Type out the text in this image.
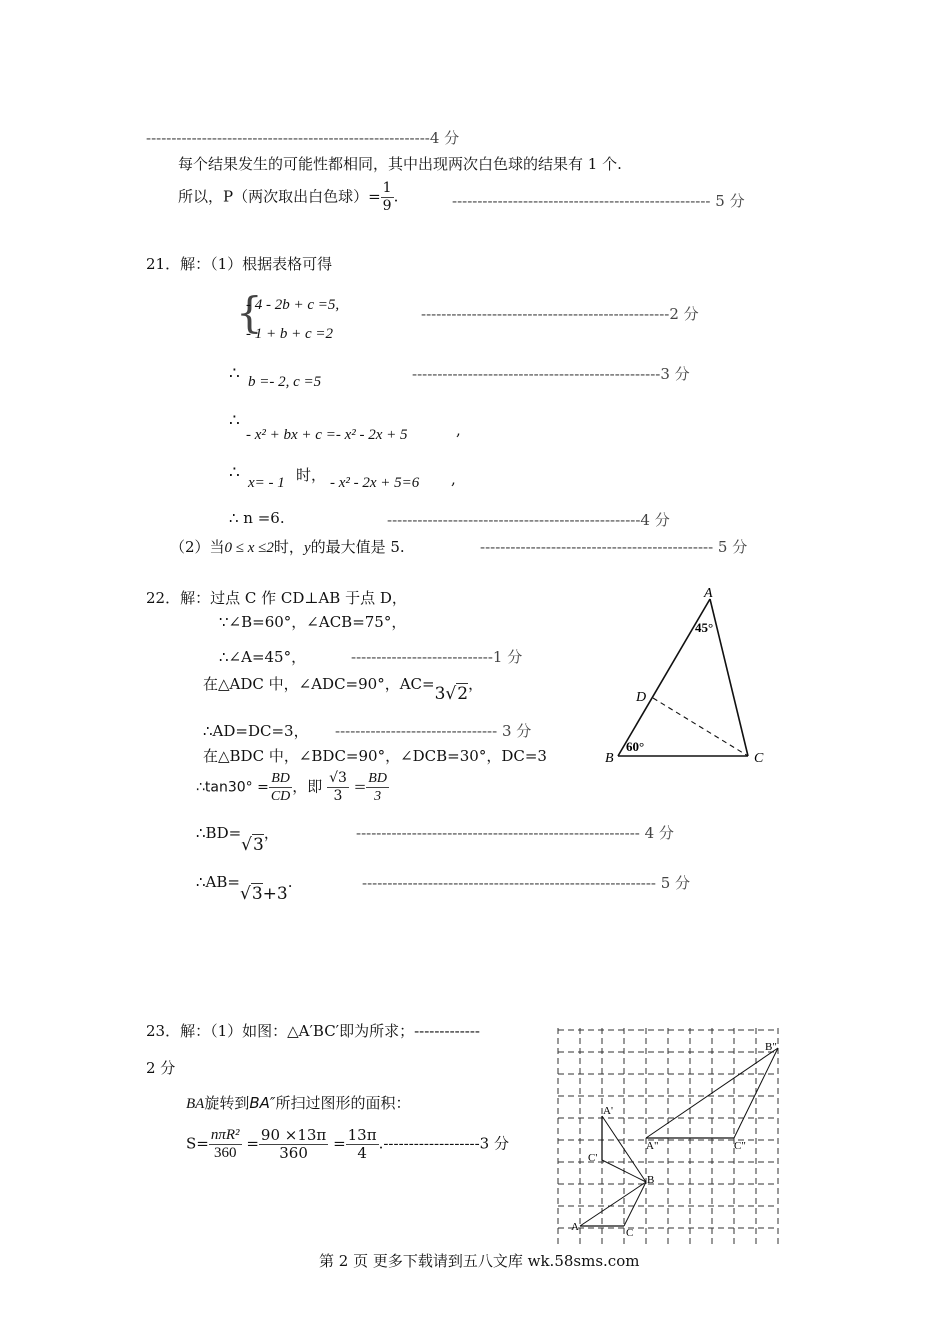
--------------------------------------------------------4 分
每个结果发生的可能性都相同，其中出现两次白色球的结果有 1 个.
所以，P（两次取出白色球）= $\frac{1}{9}$ .	--------------------------------------------------- 5 分
21．解：（1）根据表格可得
{
- 4 - 2b + c =5,
- 1 + b + c =2
-------------------------------------------------2 分
∴ b =- 2, c =5	-------------------------------------------------3 分
∴
- x² + bx + c =- x² - 2x + 5	,
∴ x= - 1 时， - x² - 2x + 5=6 ,
∴ n =6.	--------------------------------------------------4 分
（2）当0 ≤ x ≤2时，y的最大值是 5.	---------------------------------------------- 5 分
22．解：过点 C 作 CD⊥AB 于点 D，
∵∠B=60°，∠ACB=75°，
∴∠A=45°，	----------------------------1 分
在△ADC 中，∠ADC=90°，AC=3√2，
∴AD=DC=3， -------------------------------- 3 分
在△BDC 中，∠BDC=90°，∠DCB=30°，DC=3
∴tan30° = $\frac{BD}{CD}$ ，即 $\frac{√3}{3} = \frac{BD}{3}$
∴BD=√3，	-------------------------------------------------------- 4 分
∴AB=√3+3.	---------------------------------------------------------- 5 分
A
45°
D
B
60°
C
23．解：（1）如图：△A′BC′即为所求；-------------
2 分
BA旋转到BA″所扫过图形的面积：
$S= \frac{\text{nπR²}}{360} = \frac{90 \times 13\pi}{360} = \frac{13\pi}{4} .-------------------3$ 分
B"
A'
A"	C"
C'
B
A	C
第 2 页 更多下载请到五八文库 wk.58sms.com
